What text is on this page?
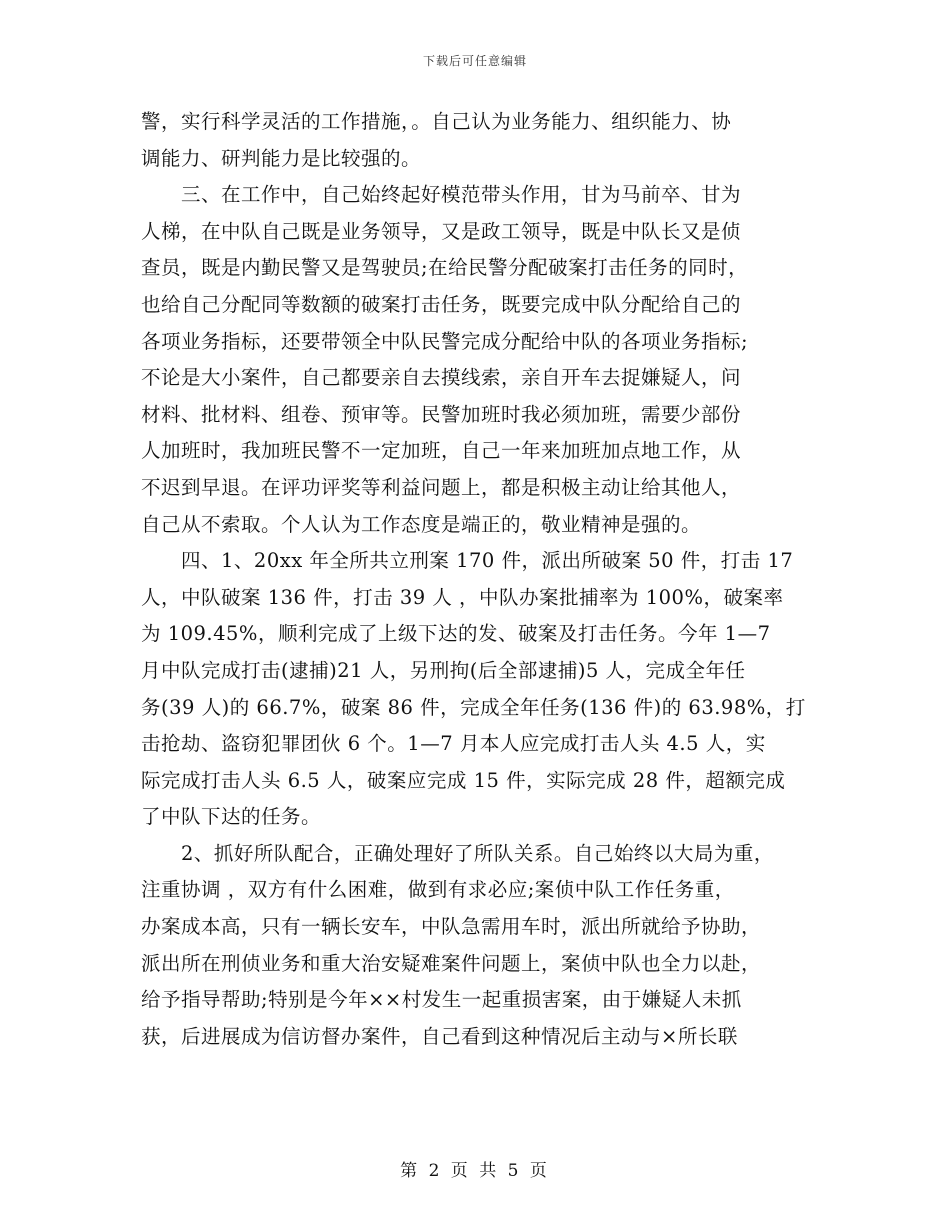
下载后可任意编辑
警，实行科学灵活的工作措施，。自己认为业务能力、组织能力、协
调能力、研判能力是比较强的。
　　三、在工作中，自己始终起好模范带头作用，甘为马前卒、甘为
人梯，在中队自己既是业务领导，又是政工领导，既是中队长又是侦
查员，既是内勤民警又是驾驶员;在给民警分配破案打击任务的同时，
也给自己分配同等数额的破案打击任务，既要完成中队分配给自己的
各项业务指标，还要带领全中队民警完成分配给中队的各项业务指标;
不论是大小案件，自己都要亲自去摸线索，亲自开车去捉嫌疑人，问
材料、批材料、组卷、预审等。民警加班时我必须加班，需要少部份
人加班时，我加班民警不一定加班，自己一年来加班加点地工作，从
不迟到早退。在评功评奖等利益问题上，都是积极主动让给其他人，
自己从不索取。个人认为工作态度是端正的，敬业精神是强的。
　　四、1、20xx 年全所共立刑案 170 件，派出所破案 50 件，打击 17
人，中队破案 136 件，打击 39 人 ，中队办案批捕率为 100%，破案率
为 109.45%，顺利完成了上级下达的发、破案及打击任务。今年 1—7
月中队完成打击(逮捕)21 人，另刑拘(后全部逮捕)5 人，完成全年任
务(39 人)的 66.7%，破案 86 件，完成全年任务(136 件)的 63.98%，打
击抢劫、盗窃犯罪团伙 6 个。1—7 月本人应完成打击人头 4.5 人，实
际完成打击人头 6.5 人，破案应完成 15 件，实际完成 28 件，超额完成
了中队下达的任务。
　　2、抓好所队配合，正确处理好了所队关系。自己始终以大局为重，
注重协调 ，双方有什么困难，做到有求必应;案侦中队工作任务重，
办案成本高，只有一辆长安车，中队急需用车时，派出所就给予协助，
派出所在刑侦业务和重大治安疑难案件问题上，案侦中队也全力以赴，
给予指导帮助;特别是今年××村发生一起重损害案，由于嫌疑人未抓
获，后进展成为信访督办案件，自己看到这种情况后主动与×所长联
第 2 页 共 5 页
